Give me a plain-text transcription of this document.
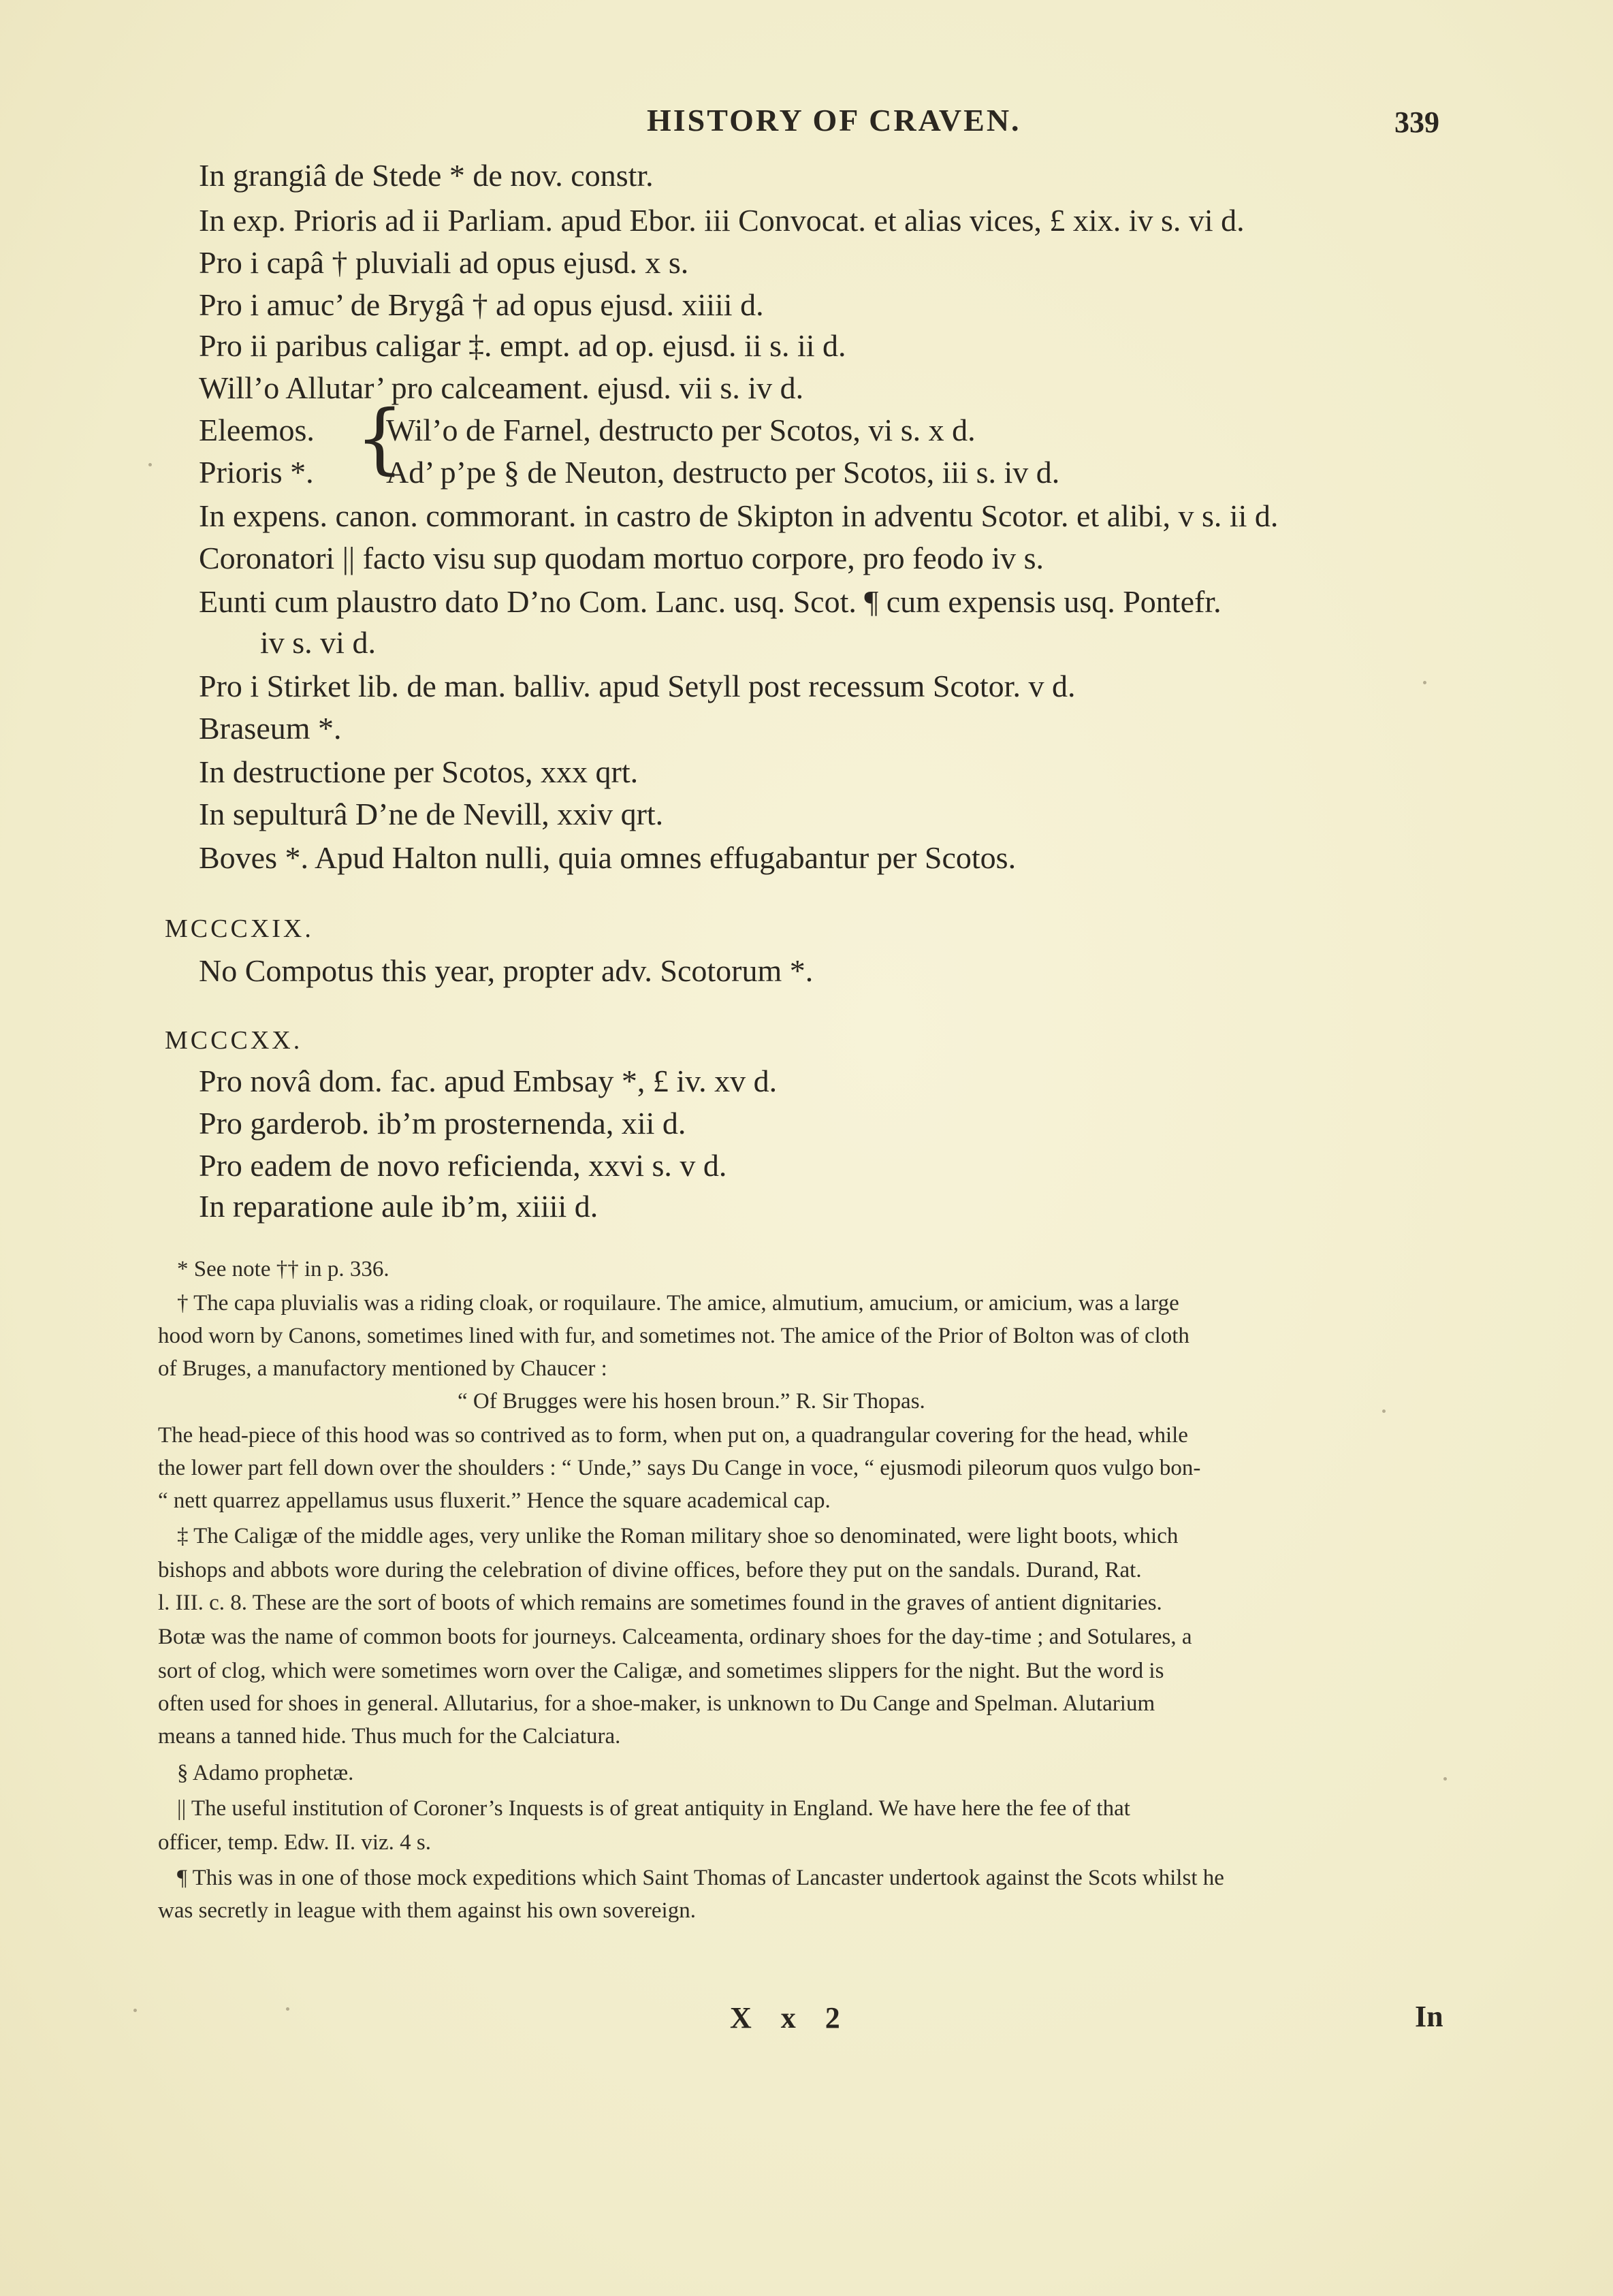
HISTORY OF CRAVEN.	339
In grangiâ de Stede * de nov. constr.
In exp. Prioris ad ii Parliam. apud Ebor. iii Convocat. et alias vices, £ xix. iv s. vi d.
Pro i capâ † pluviali ad opus ejusd. x s.
Pro i amuc’ de Brygâ † ad opus ejusd. xiiii d.
Pro ii paribus caligar ‡. empt. ad op. ejusd. ii s. ii d.
Will’o Allutar’ pro calceament. ejusd. vii s. iv d.
Eleemos. {
Wil’o de Farnel, destructo per Scotos, vi s. x d.
Prioris *. Ad’ p’pe § de Neuton, destructo per Scotos, iii s. iv d.
In expens. canon. commorant. in castro de Skipton in adventu Scotor. et alibi, v s. ii d.
Coronatori || facto visu sup quodam mortuo corpore, pro feodo iv s.
Eunti cum plaustro dato D’no Com. Lanc. usq. Scot. ¶ cum expensis usq. Pontefr.
iv s. vi d.
Pro i Stirket lib. de man. balliv. apud Setyll post recessum Scotor. v d.
Braseum *.
In destructione per Scotos, xxx qrt.
In sepulturâ D’ne de Nevill, xxiv qrt.
Boves *. Apud Halton nulli, quia omnes effugabantur per Scotos.
MCCCXIX.
No Compotus this year, propter adv. Scotorum *.
MCCCXX.
Pro novâ dom. fac. apud Embsay *, £ iv. xv d.
Pro garderob. ib’m prosternenda, xii d.
Pro eadem de novo reficienda, xxvi s. v d.
In reparatione aule ib’m, xiiii d.
* See note †† in p. 336.
† The capa pluvialis was a riding cloak, or roquilaure. The amice, almutium, amucium, or amicium, was a large
hood worn by Canons, sometimes lined with fur, and sometimes not. The amice of the Prior of Bolton was of cloth
of Bruges, a manufactory mentioned by Chaucer :
“ Of Brugges were his hosen broun.” R. Sir Thopas.
The head-piece of this hood was so contrived as to form, when put on, a quadrangular covering for the head, while
the lower part fell down over the shoulders : “ Unde,” says Du Cange in voce, “ ejusmodi pileorum quos vulgo bon-
“ nett quarrez appellamus usus fluxerit.” Hence the square academical cap.
‡ The Caligæ of the middle ages, very unlike the Roman military shoe so denominated, were light boots, which
bishops and abbots wore during the celebration of divine offices, before they put on the sandals. Durand, Rat.
l. III. c. 8. These are the sort of boots of which remains are sometimes found in the graves of antient dignitaries.
Botæ was the name of common boots for journeys. Calceamenta, ordinary shoes for the day-time ; and Sotulares, a
sort of clog, which were sometimes worn over the Caligæ, and sometimes slippers for the night. But the word is
often used for shoes in general. Allutarius, for a shoe-maker, is unknown to Du Cange and Spelman. Alutarium
means a tanned hide. Thus much for the Calciatura.
§ Adamo prophetæ.
|| The useful institution of Coroner’s Inquests is of great antiquity in England. We have here the fee of that
officer, temp. Edw. II. viz. 4 s.
¶ This was in one of those mock expeditions which Saint Thomas of Lancaster undertook against the Scots whilst he
was secretly in league with them against his own sovereign.
X x 2	In
